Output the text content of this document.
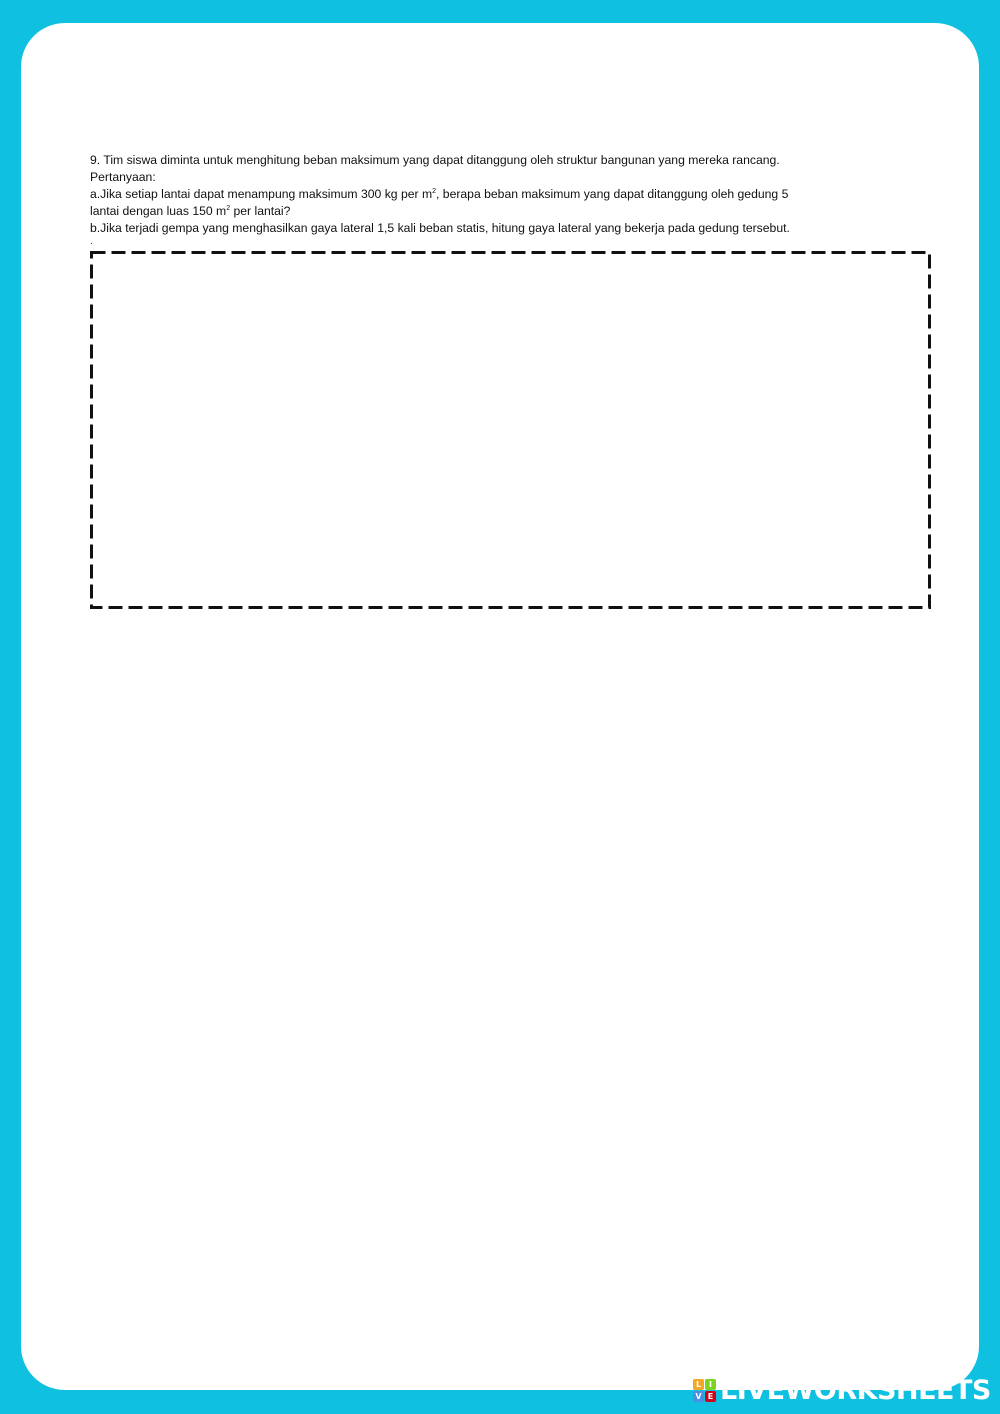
9. Tim siswa diminta untuk menghitung beban maksimum yang dapat ditanggung oleh struktur bangunan yang mereka rancang.

Pertanyaan:

a.Jika setiap lantai dapat menampung maksimum 300 kg per $m^2$, berapa beban maksimum yang dapat ditanggung oleh gedung 5

lantai dengan luas 150 $m^2$ per lantai?

b.Jika terjadi gempa yang menghasilkan gaya lateral 1,5 kali beban statis, hitung gaya lateral yang bekerja pada gedung tersebut.

.
L I
V E LIVEWORKSHEETS
